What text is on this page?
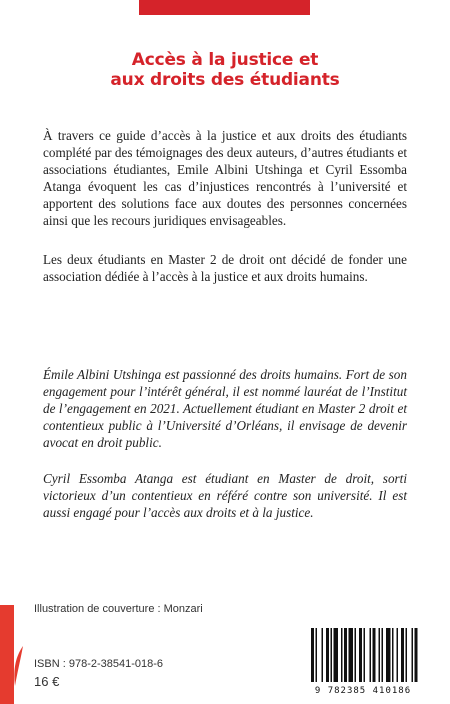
Accès à la justice et
aux droits des étudiants

À travers ce guide d’accès à la justice et aux droits des étudiants complété par des témoignages des deux auteurs, d’autres étudiants et associations étudiantes, Emile Albini Utshinga et Cyril Essomba Atanga évoquent les cas d’injustices rencontrés à l’université et apportent des solutions face aux doutes des personnes concernées ainsi que les recours juridiques envisageables.

Les deux étudiants en Master 2 de droit ont décidé de fonder une association dédiée à l’accès à la justice et aux droits humains.

Émile Albini Utshinga est passionné des droits humains. Fort de son engagement pour l’intérêt général, il est nommé lauréat de l’Institut de l’engagement en 2021. Actuellement étudiant en Master 2 droit et contentieux public à l’Université d’Orléans, il envisage de devenir avocat en droit public.

Cyril Essomba Atanga est étudiant en Master de droit, sorti victorieux d’un contentieux en référé contre son université. Il est aussi engagé pour l’accès aux droits et à la justice.

Illustration de couverture : Monzari
ISBN : 978-2-38541-018-6
16 €
9 782385 410186
